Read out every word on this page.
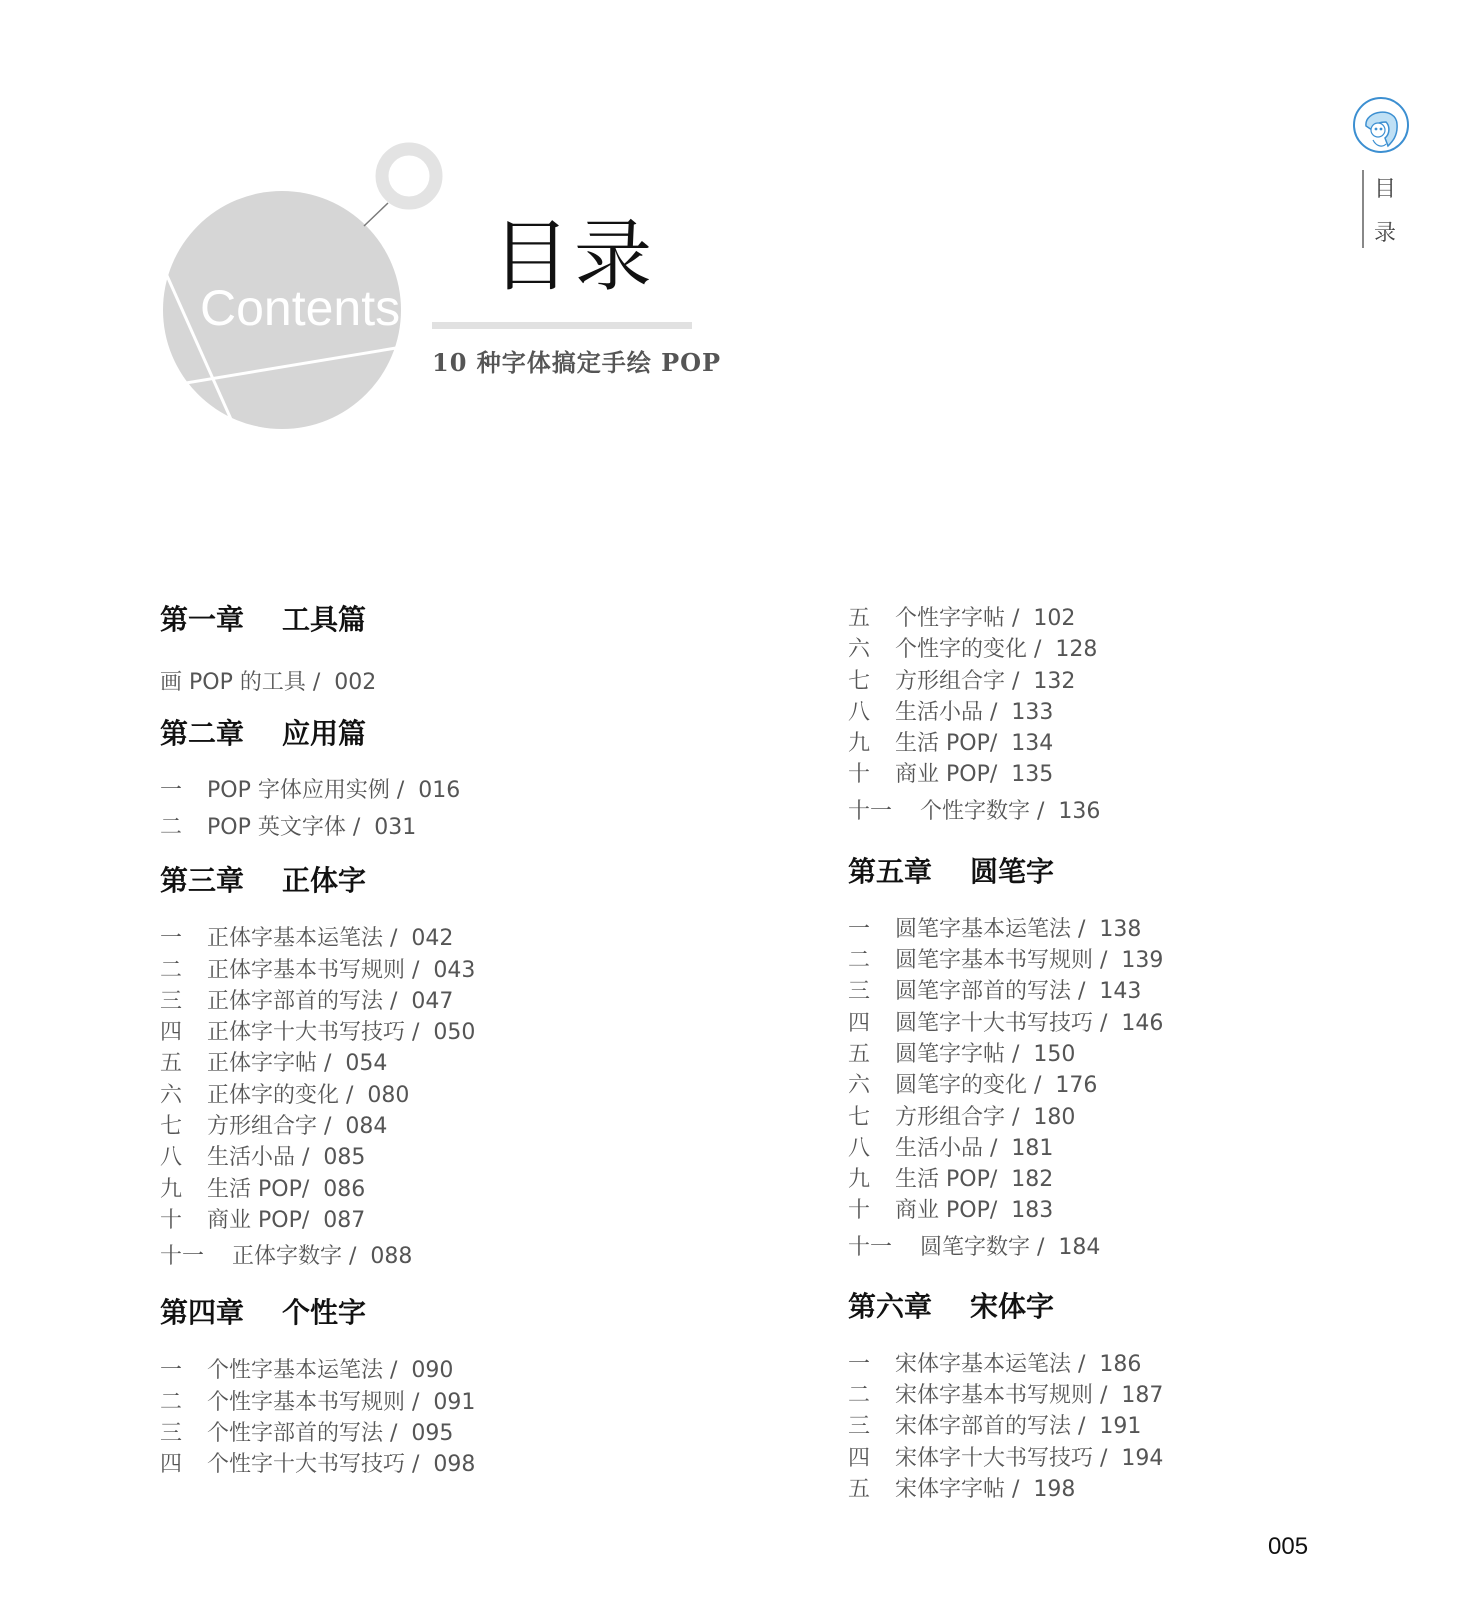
Contents
目录
10 种字体搞定手绘 POP
目
录
第一章 工具篇
画 POP 的工具 / 002
第二章 应用篇
一 POP 字体应用实例 / 016
二 POP 英文字体 / 031
第三章 正体字
一 正体字基本运笔法 / 042
二 正体字基本书写规则 / 043
三 正体字部首的写法 / 047
四 正体字十大书写技巧 / 050
五 正体字字帖 / 054
六 正体字的变化 / 080
七 方形组合字 / 084
八 生活小品 / 085
九 生活 POP/ 086
十 商业 POP/ 087
十一 正体字数字 / 088
第四章 个性字
一 个性字基本运笔法 / 090
二 个性字基本书写规则 / 091
三 个性字部首的写法 / 095
四 个性字十大书写技巧 / 098
五 个性字字帖 / 102
六 个性字的变化 / 128
七 方形组合字 / 132
八 生活小品 / 133
九 生活 POP/ 134
十 商业 POP/ 135
十一 个性字数字 / 136
第五章 圆笔字
一 圆笔字基本运笔法 / 138
二 圆笔字基本书写规则 / 139
三 圆笔字部首的写法 / 143
四 圆笔字十大书写技巧 / 146
五 圆笔字字帖 / 150
六 圆笔字的变化 / 176
七 方形组合字 / 180
八 生活小品 / 181
九 生活 POP/ 182
十 商业 POP/ 183
十一 圆笔字数字 / 184
第六章 宋体字
一 宋体字基本运笔法 / 186
二 宋体字基本书写规则 / 187
三 宋体字部首的写法 / 191
四 宋体字十大书写技巧 / 194
五 宋体字字帖 / 198
005
